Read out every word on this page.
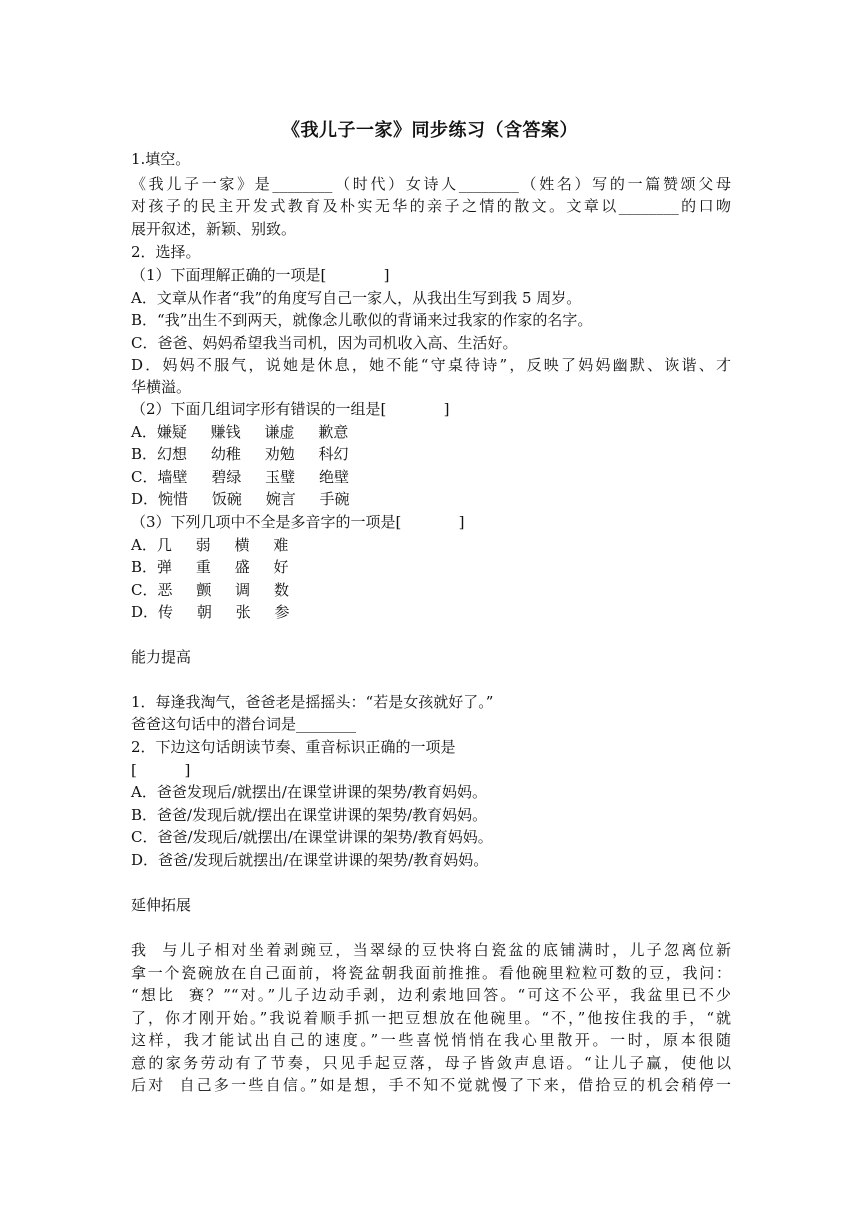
《我儿子一家》同步练习（含答案）
1.填空。
《我儿子一家》是________（时代）女诗人________（姓名）写的一篇赞颂父母
对孩子的民主开发式教育及朴实无华的亲子之情的散文。文章以________的口吻
展开叙述，新颖、别致。
2．选择。
（1）下面理解正确的一项是[            ]
A．文章从作者“我”的角度写自己一家人，从我出生写到我 5 周岁。
B．“我”出生不到两天，就像念儿歌似的背诵来过我家的作家的名字。
C．爸爸、妈妈希望我当司机，因为司机收入高、生活好。
D．妈妈不服气，说她是休息，她不能“守桌待诗”，反映了妈妈幽默、诙谐、才
华横溢。
（2）下面几组词字形有错误的一组是[            ]
A．嫌疑     赚钱     谦虚     歉意
B．幻想     幼稚     劝勉     科幻
C．墙壁     碧绿     玉璧     绝壁
D．惋惜     饭碗     婉言     手碗
（3）下列几项中不全是多音字的一项是[            ]
A．几     弱     横     难
B．弹     重     盛     好
C．恶     颤     调     数
D．传     朝     张     参
能力提高
1．每逢我淘气，爸爸老是摇摇头：“若是女孩就好了。”
爸爸这句话中的潜台词是________
2．下边这句话朗读节奏、重音标识正确的一项是
[          ]
A．爸爸发现后/就摆出/在课堂讲课的架势/教育妈妈。
B．爸爸/发现后就/摆出在课堂讲课的架势/教育妈妈。
C．爸爸/发现后/就摆出/在课堂讲课的架势/教育妈妈。
D．爸爸/发现后就摆出/在课堂讲课的架势/教育妈妈。
延伸拓展
我  与儿子相对坐着剥豌豆，当翠绿的豆快将白瓷盆的底铺满时，儿子忽离位新
拿一个瓷碗放在自己面前，将瓷盆朝我面前推推。看他碗里粒粒可数的豆，我问：
“想比  赛？”“对。”儿子边动手剥，边利索地回答。“可这不公平，我盆里已不少
了，你才刚开始。”我说着顺手抓一把豆想放在他碗里。“不，”他按住我的手，“就
这样，我才能试出自己的速度。”一些喜悦悄悄在我心里散开。一时，原本很随
意的家务劳动有了节奏，只见手起豆落，母子皆敛声息语。“让儿子赢，使他以
后对  自己多一些自信。”如是想，手不知不觉就慢了下来，借拾豆的机会稍停一
